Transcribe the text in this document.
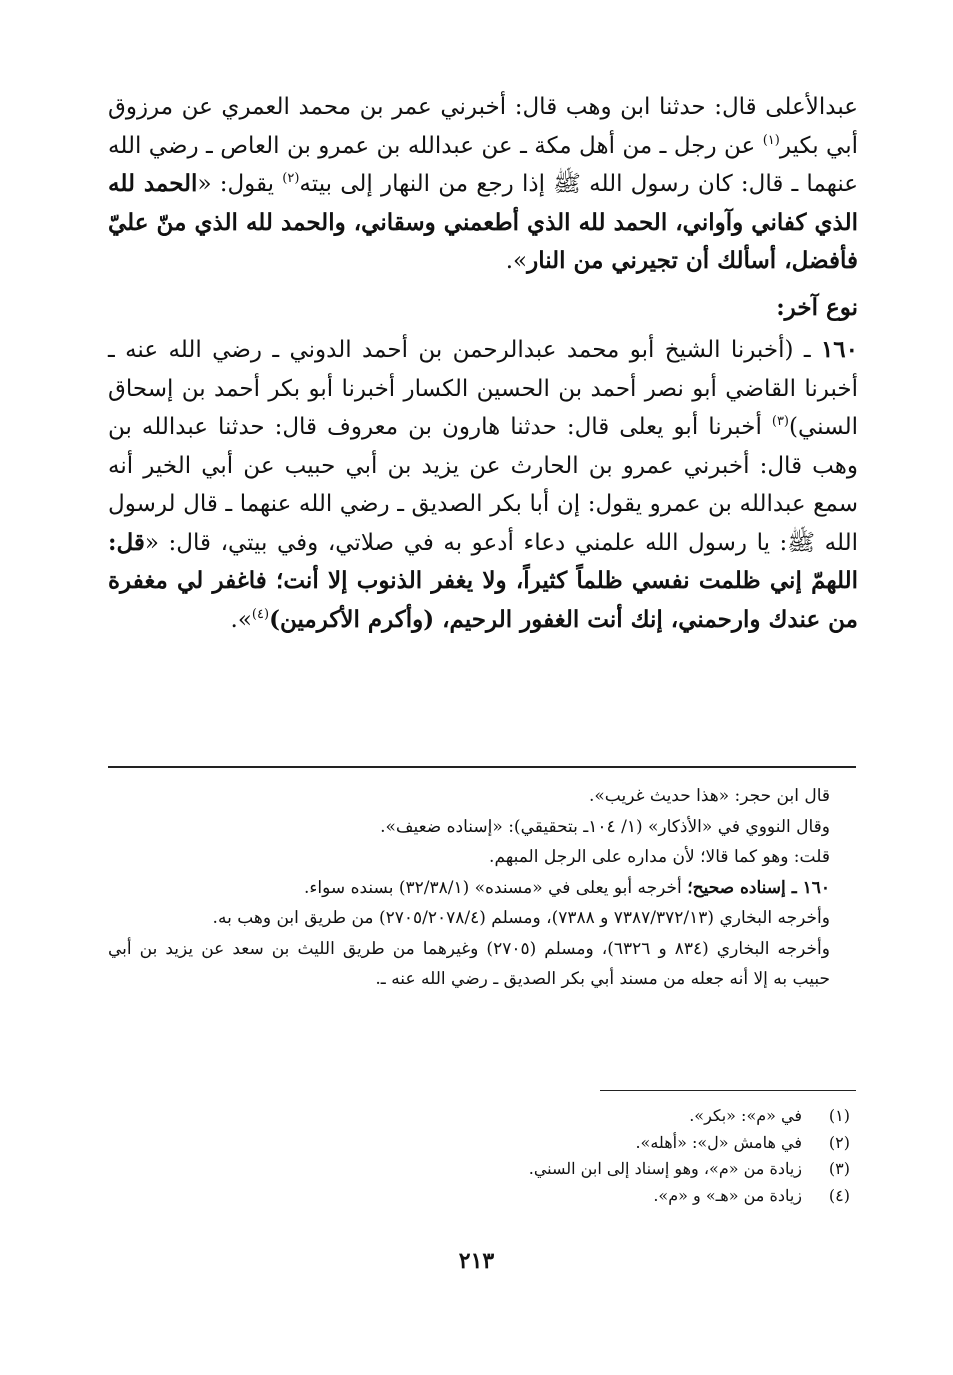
عبدالأعلى قال: حدثنا ابن وهب قال: أخبرني عمر بن محمد العمري عن مرزوق أبي بكير$^{(١)}$ عن رجل ـ من أهل مكة ـ عن عبدالله بن عمرو بن العاص ـ رضي الله عنهما ـ قال: كان رسول الله ﷺ إذا رجع من النهار إلى بيته$^{(٢)}$ يقول: «الحمد لله الذي كفاني وآواني، الحمد لله الذي أطعمني وسقاني، والحمد لله الذي منّ عليّ فأفضل، أسألك أن تجيرني من النار».

نوع آخر:

١٦٠ ـ (أخبرنا الشيخ أبو محمد عبدالرحمن بن أحمد الدوني ـ رضي الله عنه ـ أخبرنا القاضي أبو نصر أحمد بن الحسين الكسار أخبرنا أبو بكر أحمد بن إسحاق السني)$^{(٣)}$ أخبرنا أبو يعلى قال: حدثنا هارون بن معروف قال: حدثنا عبدالله بن وهب قال: أخبرني عمرو بن الحارث عن يزيد بن أبي حبيب عن أبي الخير أنه سمع عبدالله بن عمرو يقول: إن أبا بكر الصديق ـ رضي الله عنهما ـ قال لرسول الله ﷺ: يا رسول الله علمني دعاء أدعو به في صلاتي، وفي بيتي، قال: «قل: اللهمّ إني ظلمت نفسي ظلماً كثيراً، ولا يغفر الذنوب إلا أنت؛ فاغفر لي مغفرة من عندك وارحمني، إنك أنت الغفور الرحيم، (وأكرم الأكرمين)$^{(٤)}$».

قال ابن حجر: «هذا حديث غريب».

وقال النووي في «الأذكار» (١/ ١٠٤ـ بتحقيقي): «إسناده ضعيف».

قلت: وهو كما قالا؛ لأن مداره على الرجل المبهم.

١٦٠ ـ إسناده صحيح؛ أخرجه أبو يعلى في «مسنده» (٣٢/٣٨/١) بسنده سواء.

وأخرجه البخاري (٧٣٨٧/٣٧٢/١٣ و ٧٣٨٨)، ومسلم (٢٧٠٥/٢٠٧٨/٤) من طريق ابن وهب به.

وأخرجه البخاري (٨٣٤ و ٦٣٢٦)، ومسلم (٢٧٠٥) وغيرهما من طريق الليث بن سعد عن يزيد بن أبي حبيب به إلا أنه جعله من مسند أبي بكر الصديق ـ رضي الله عنه ـ.

(١)
في «م»: «بكر».
(٢)
في هامش «ل»: «أهله».
(٣)
زيادة من «م»، وهو إسناد إلى ابن السني.
(٤)
زيادة من «هـ» و «م».
٢١٣
